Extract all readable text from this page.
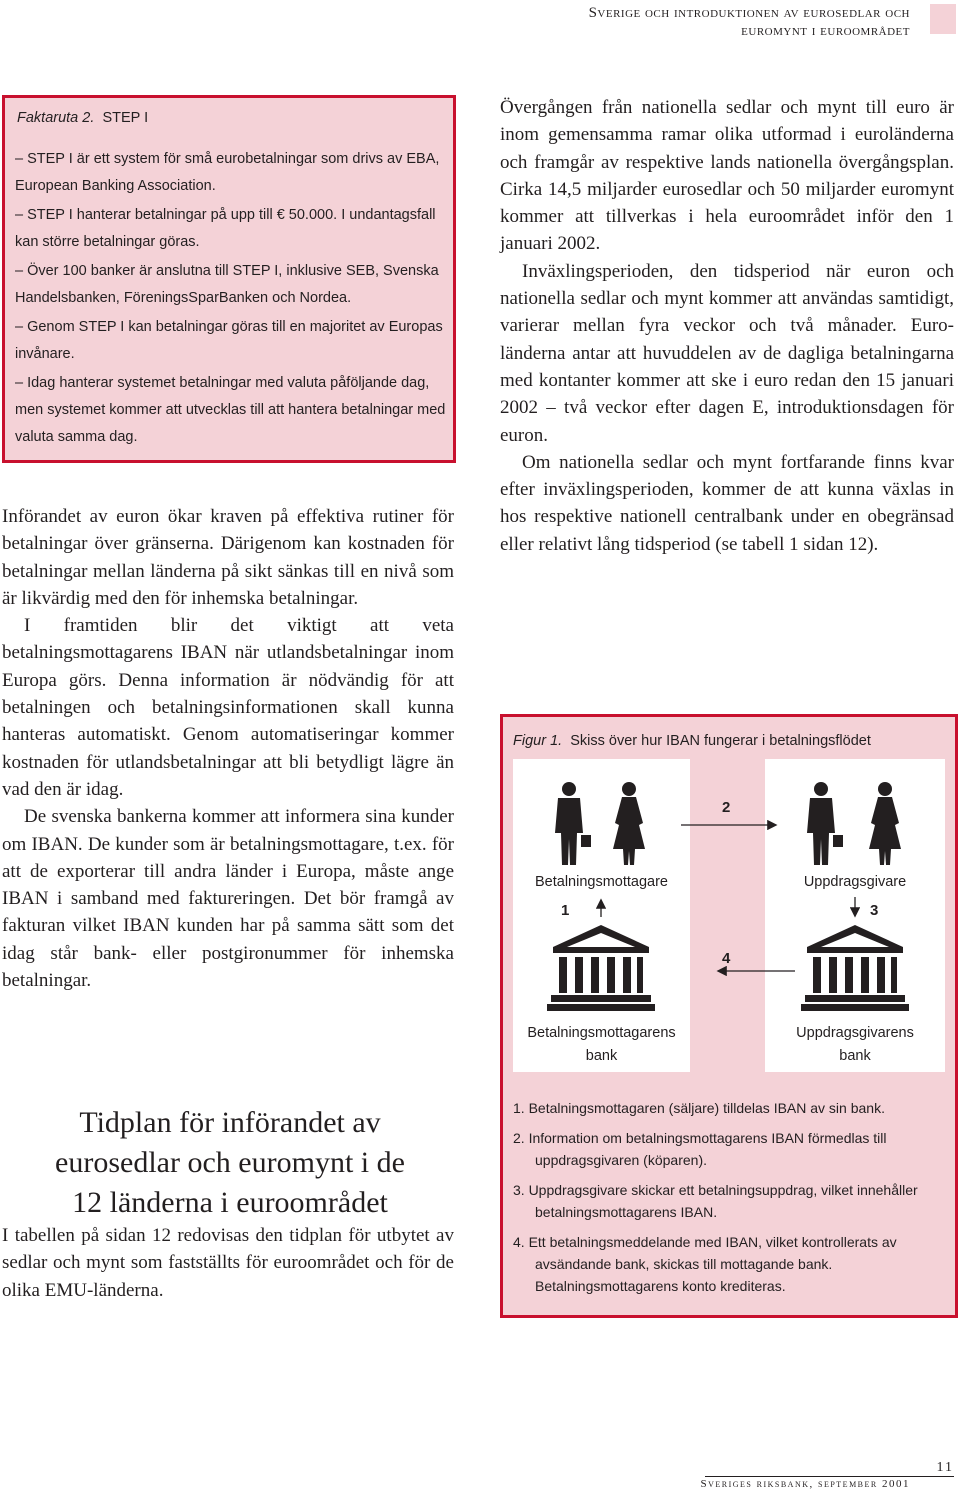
Sverige och introduktionen av eurosedlar och
euromynt i euroområdet
Faktaruta 2. STEP I
– STEP I är ett system för små eurobetalningar som drivs av EBA, European Banking Association.
– STEP I hanterar betalningar på upp till € 50.000. I undantagsfall kan större betalningar göras.
– Över 100 banker är anslutna till STEP I, inklusive SEB, Svenska Handelsbanken, FöreningsSparBanken och Nordea.
– Genom STEP I kan betalningar göras till en majoritet av Europas invånare.
– Idag hanterar systemet betalningar med valuta påföljande dag, men systemet kommer att utvecklas till att hantera betalningar med valuta samma dag.

Införandet av euron ökar kraven på effektiva rutiner för betalningar över gränserna. Därigenom kan kostnaden för betalningar mellan länderna på sikt sänkas till en nivå som är likvärdig med den för inhemska betalningar.

I framtiden blir det viktigt att veta betalningsmottagarens IBAN när utlandsbetalningar inom Europa görs. Denna information är nödvändig för att betalningen och betalningsinformationen skall kunna hanteras automatiskt. Genom automatiseringar kommer kostnaden för utlandsbetalningar att bli betydligt lägre än vad den är idag.

De svenska bankerna kommer att informera sina kunder om IBAN. De kunder som är betalningsmottagare, t.ex. för att de exporterar till andra länder i Europa, måste ange IBAN i samband med faktureringen. Det bör framgå av fakturan vilket IBAN kunden har på samma sätt som det idag står bank- eller postgironummer för inhemska betalningar.

Övergången från nationella sedlar och mynt till euro är inom gemensamma ramar olika utformad i euroländerna och framgår av respektive lands nationella övergångsplan. Cirka 14,5 miljarder eurosedlar och 50 miljarder euromynt kommer att tillverkas i hela euroområdet inför den 1 januari 2002.

Inväxlingsperioden, den tidsperiod när euron och nationella sedlar och mynt kommer att användas samtidigt, varierar mellan fyra veckor och två månader. Euro-länderna antar att huvuddelen av de dagliga betalningarna med kontanter kommer att ske i euro redan den 15 januari 2002 – två veckor efter dagen E, introduktionsdagen för euron.

Om nationella sedlar och mynt fortfarande finns kvar efter inväxlingsperioden, kommer de att kunna växlas in hos respektive nationell centralbank under en obegränsad eller relativt lång tidsperiod (se tabell 1 sidan 12).

Tidplan för införandet av
eurosedlar och euromynt i de
12 länderna i euroområdet
I tabellen på sidan 12 redovisas den tidplan för utbytet av sedlar och mynt som fastställts för euroområdet och för de olika EMU-länderna.
Figur 1. Skiss över hur IBAN fungerar i betalningsflödet
2
1	3
4
Betalningsmottagare	Uppdragsgivare
Betalningsmottagarens
bank
Uppdragsgivarens
bank
1. Betalningsmottagaren (säljare) tilldelas IBAN av sin bank.
2. Information om betalningsmottagarens IBAN förmedlas till uppdragsgivaren (köparen).
3. Uppdragsgivare skickar ett betalningsuppdrag, vilket innehåller betalningsmottagarens IBAN.
4. Ett betalningsmeddelande med IBAN, vilket kontrollerats av avsändande bank, skickas till mottagande bank. Betalningsmottagarens konto krediteras.
11
Sveriges riksbank, september 2001
